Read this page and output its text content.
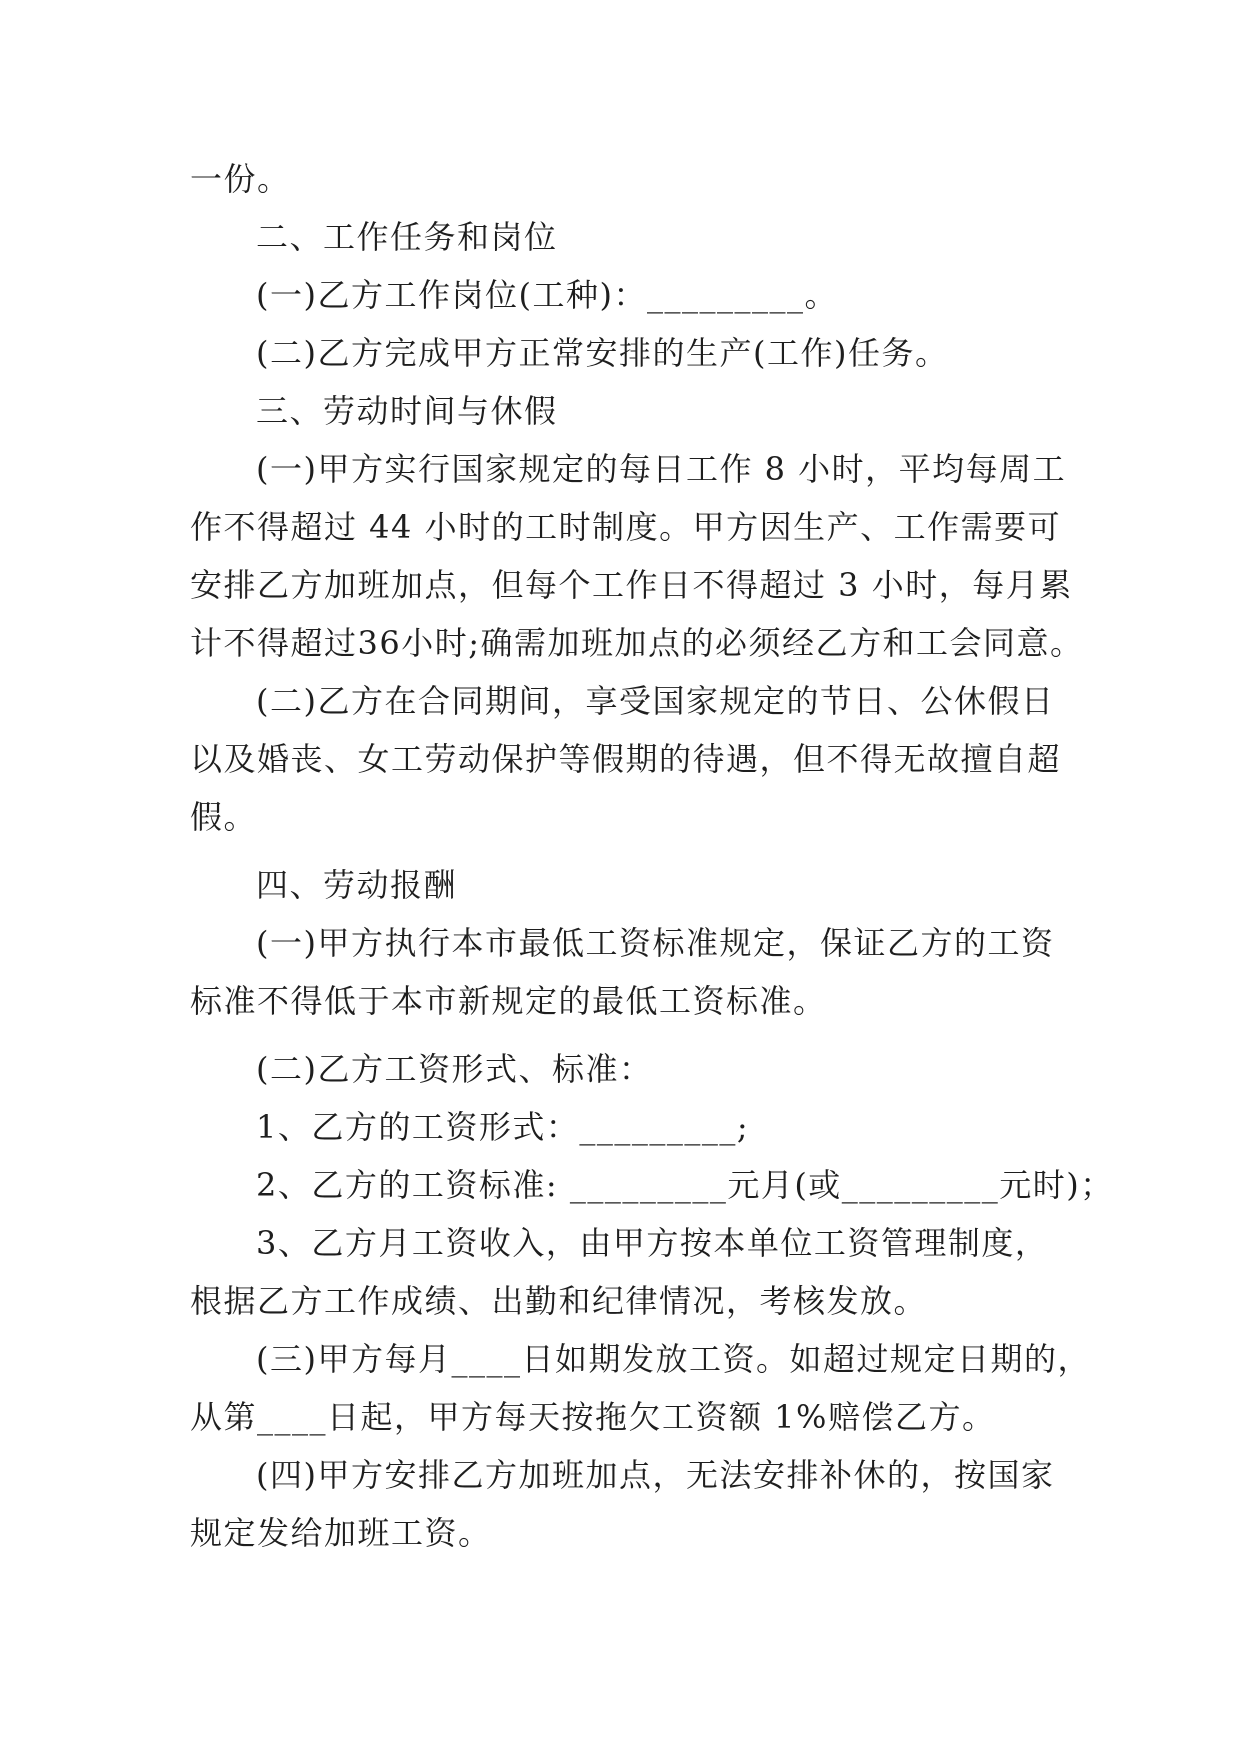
一份。
二、工作任务和岗位
(一)乙方工作岗位(工种)：_________。
(二)乙方完成甲方正常安排的生产(工作)任务。
三、劳动时间与休假
(一)甲方实行国家规定的每日工作 8 小时，平均每周工
作不得超过 44 小时的工时制度。甲方因生产、工作需要可
安排乙方加班加点，但每个工作日不得超过 3 小时，每月累
计不得超过36小时;确需加班加点的必须经乙方和工会同意。
(二)乙方在合同期间，享受国家规定的节日、公休假日
以及婚丧、女工劳动保护等假期的待遇，但不得无故擅自超
假。
四、劳动报酬
(一)甲方执行本市最低工资标准规定，保证乙方的工资
标准不得低于本市新规定的最低工资标准。
(二)乙方工资形式、标准：
1、乙方的工资形式：_________;
2、乙方的工资标准: _________元月(或_________元时)；
3、乙方月工资收入，由甲方按本单位工资管理制度，
根据乙方工作成绩、出勤和纪律情况，考核发放。
(三)甲方每月____日如期发放工资。如超过规定日期的，
从第____日起，甲方每天按拖欠工资额 1%赔偿乙方。
(四)甲方安排乙方加班加点，无法安排补休的，按国家
规定发给加班工资。
